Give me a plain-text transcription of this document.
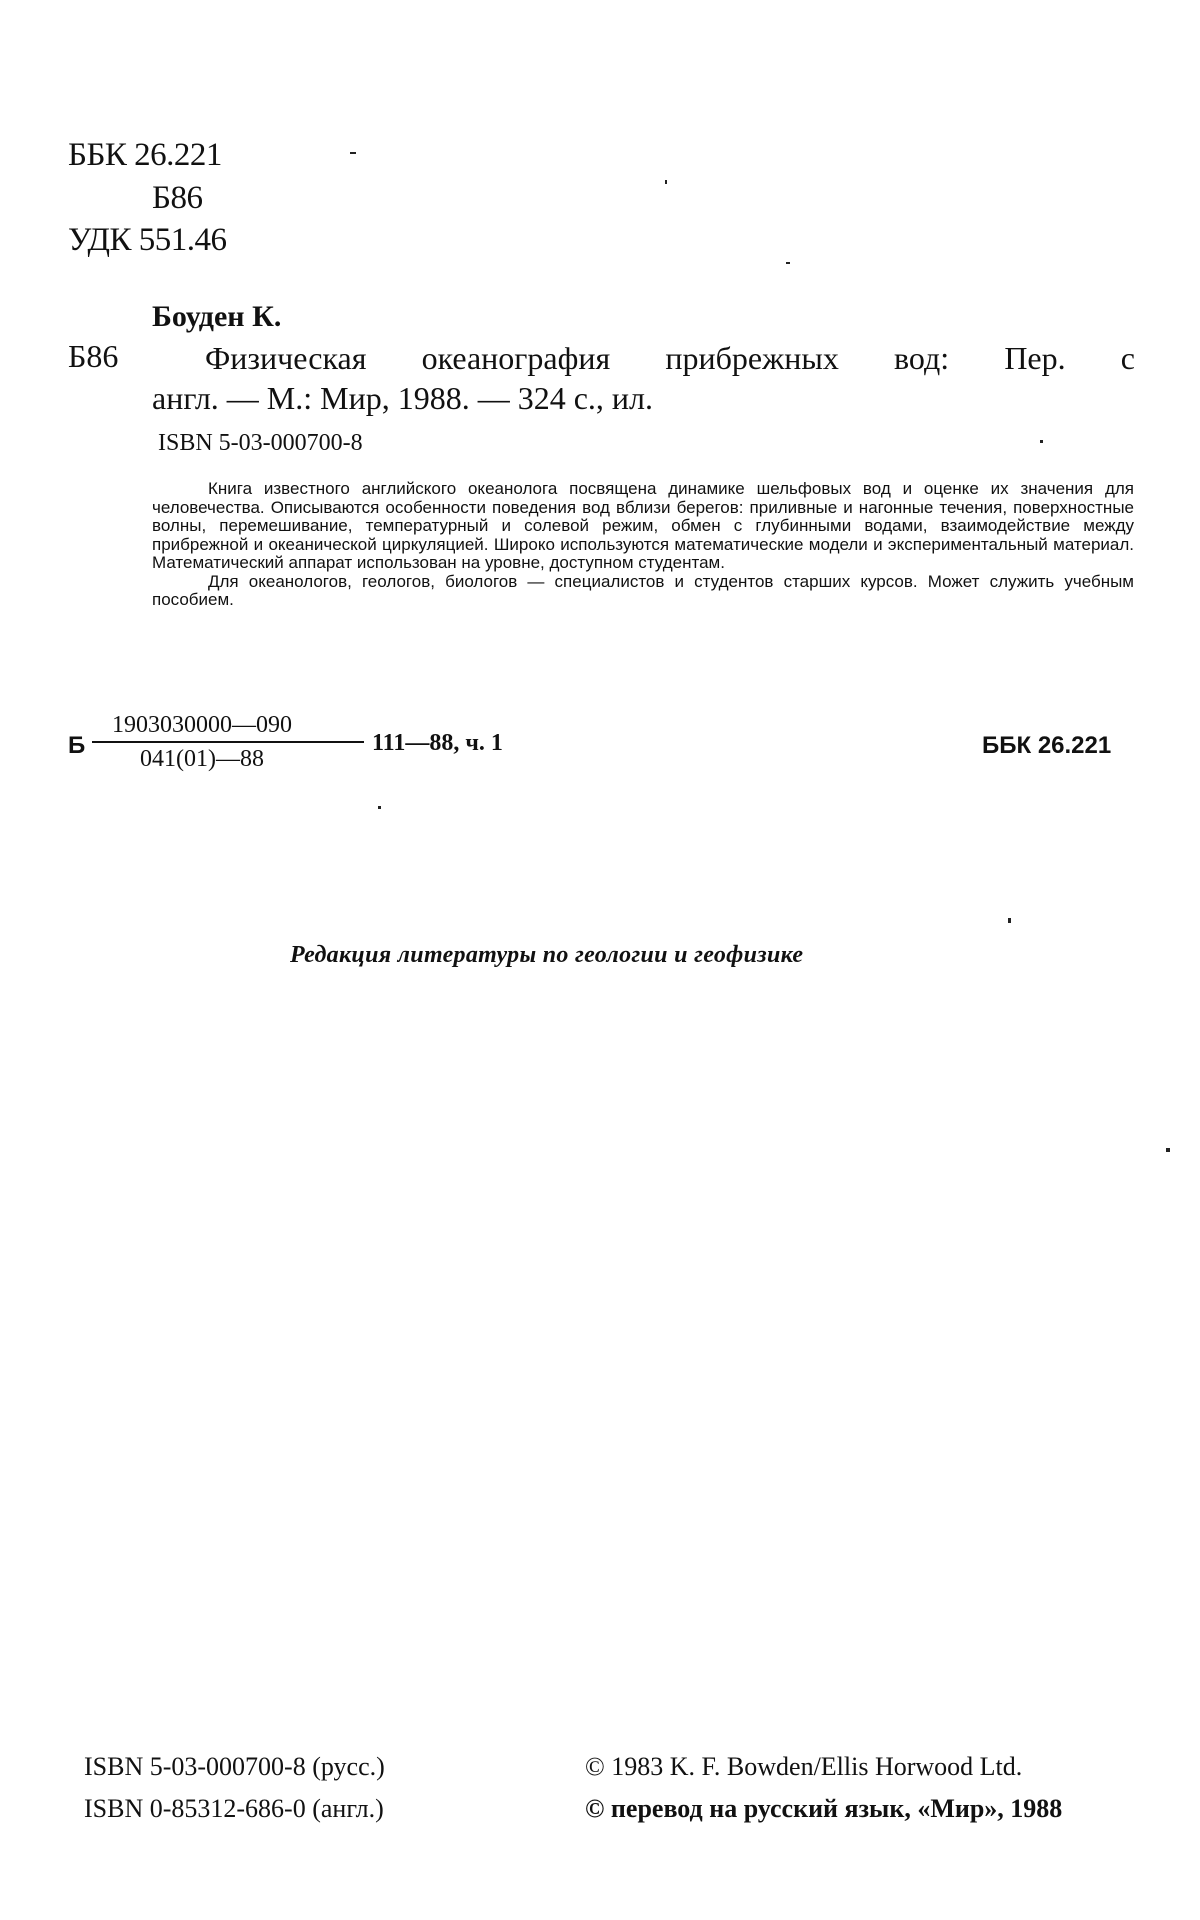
ББК 26.221
Б86
УДК 551.46
Боуден К.
Б86	Физическая океанография прибрежных вод: Пер. с
англ. — М.: Мир, 1988. — 324 с., ил.
ISBN 5-03-000700-8

Книга известного английского океанолога посвящена динамике шельфовых вод и оценке их значения для человечества. Описываются особенности поведения вод вблизи берегов: приливные и нагонные течения, поверхностные волны, перемешивание, температурный и солевой режим, обмен с глубинными водами, взаимодействие между прибрежной и океанической циркуляцией. Широко используются математические модели и экспериментальный материал. Математический аппарат использован на уровне, доступном студентам.

Для океанологов, геологов, биологов — специалистов и студентов старших курсов. Может служить учебным пособием.

Б
1903030000—090
041(01)—88
111—88, ч. 1	ББК 26.221
Редакция литературы по геологии и геофизике
ISBN 5-03-000700-8 (русс.)
ISBN 0-85312-686-0 (англ.)
© 1983 K. F. Bowden/Ellis Horwood Ltd.
© перевод на русский язык, «Мир», 1988
